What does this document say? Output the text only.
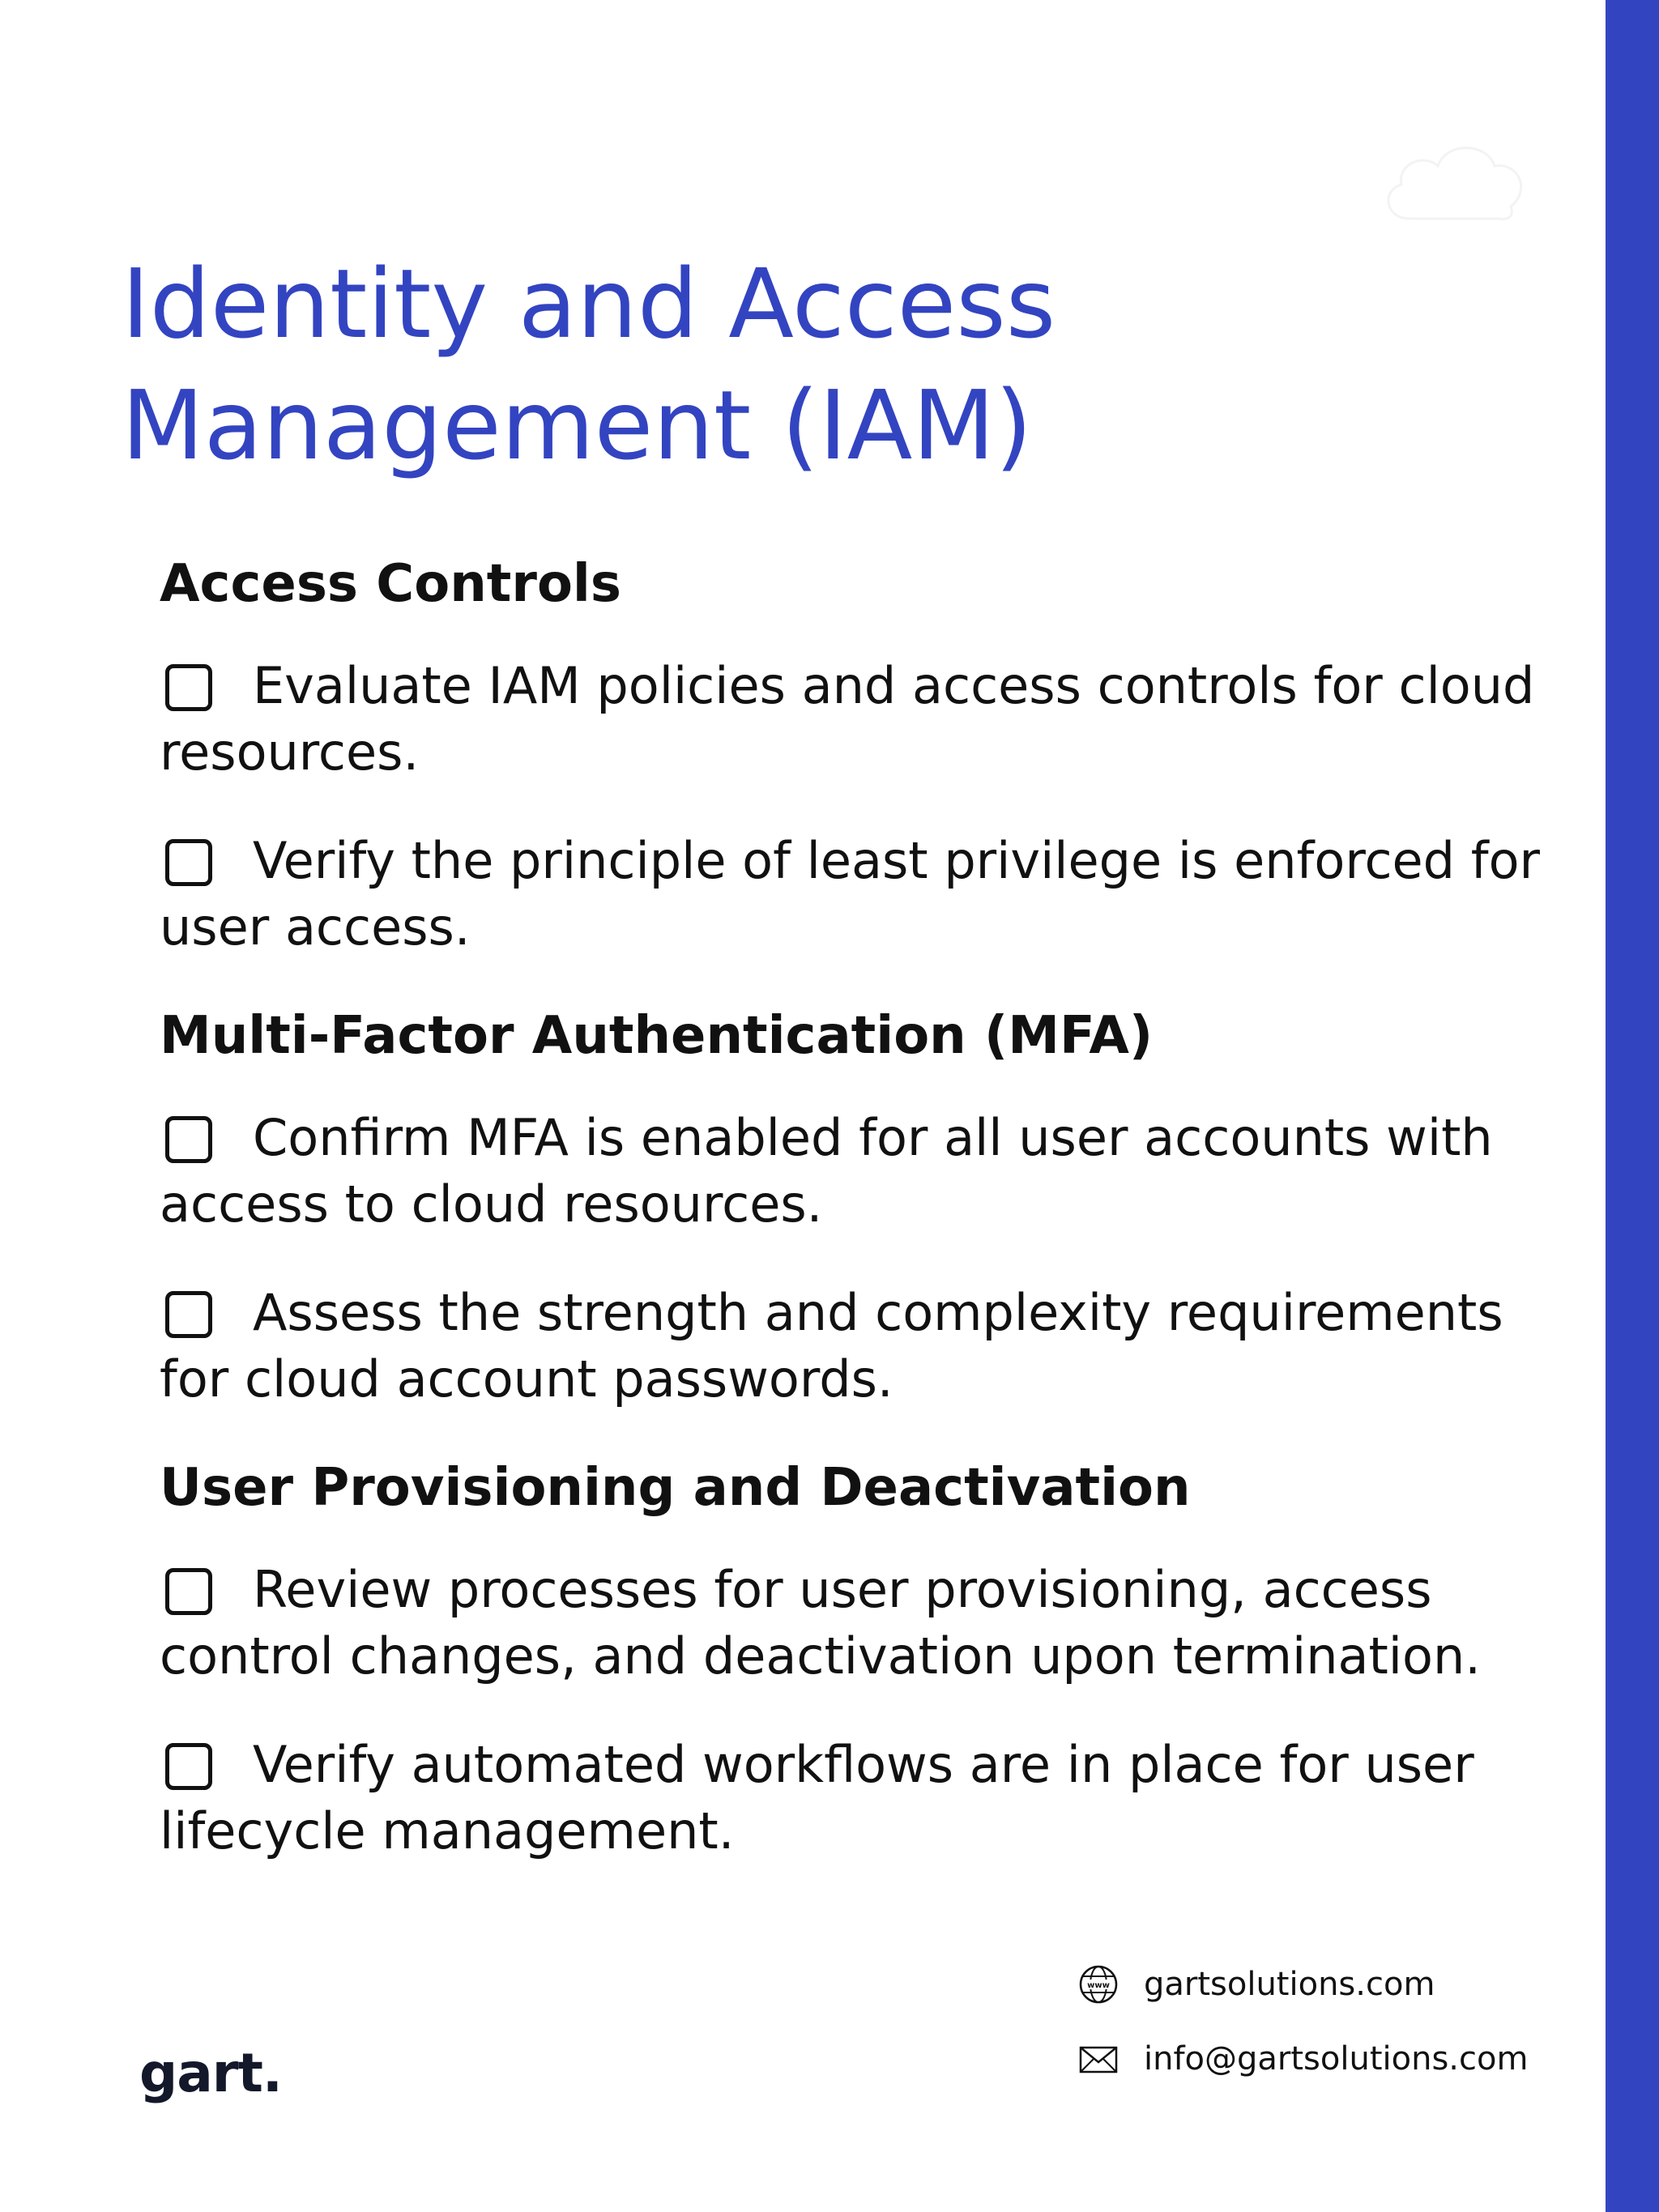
Identity and Access
Management (IAM)
Access Controls

Evaluate IAM policies and access controls for cloud resources.

Verify the principle of least privilege is enforced for user access.

Multi-Factor Authentication (MFA)

Confirm MFA is enabled for all user accounts with access to cloud resources.

Assess the strength and complexity requirements for cloud account passwords.

User Provisioning and Deactivation

Review processes for user provisioning, access control changes, and deactivation upon termination.

Verify automated workflows are in place for user lifecycle management.

www gartsolutions.com
info@gartsolutions.com
gart.
